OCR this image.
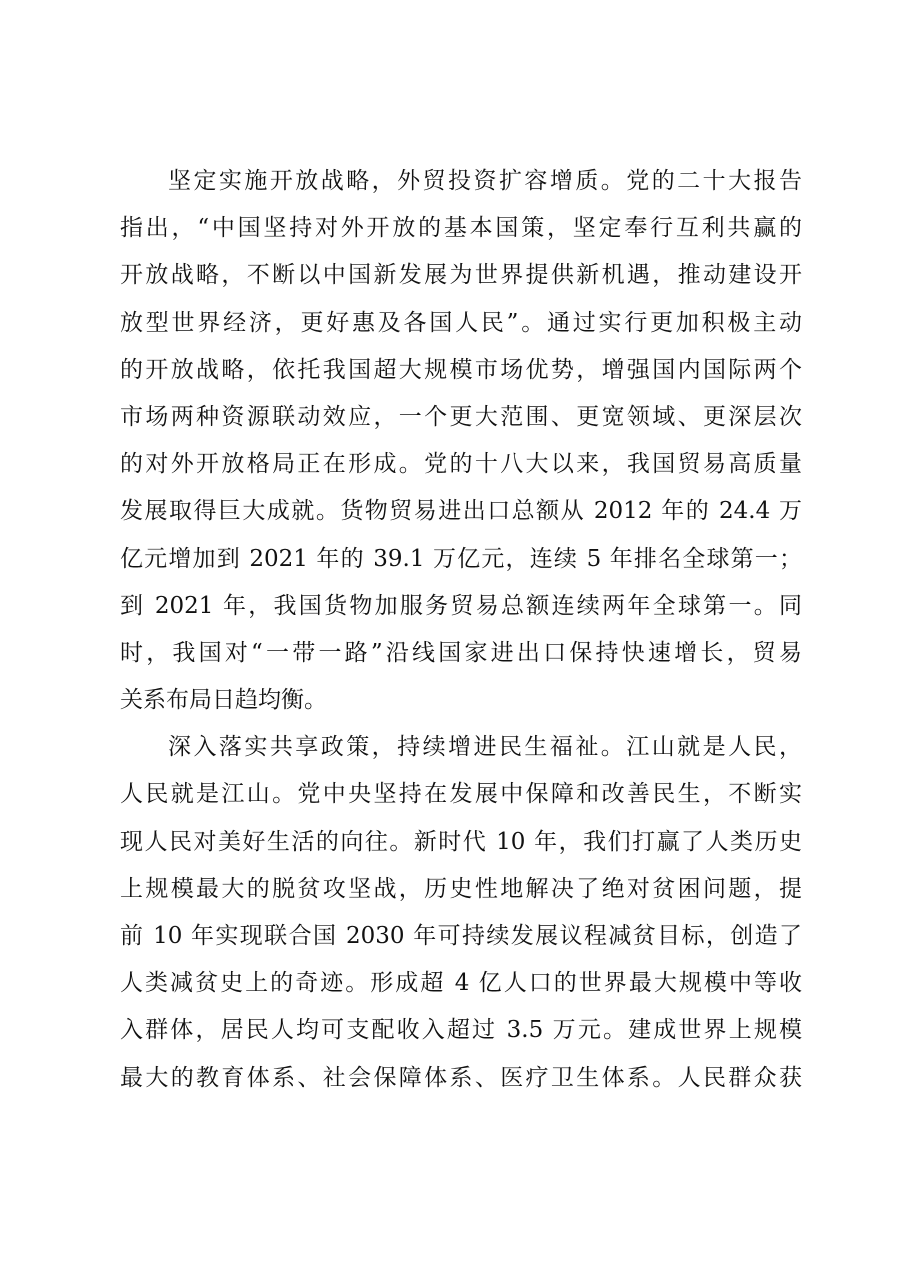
坚定实施开放战略，外贸投资扩容增质。党的二十大报告
指出，“中国坚持对外开放的基本国策，坚定奉行互利共赢的
开放战略，不断以中国新发展为世界提供新机遇，推动建设开
放型世界经济，更好惠及各国人民”。通过实行更加积极主动
的开放战略，依托我国超大规模市场优势，增强国内国际两个
市场两种资源联动效应，一个更大范围、更宽领域、更深层次
的对外开放格局正在形成。党的十八大以来，我国贸易高质量
发展取得巨大成就。货物贸易进出口总额从 2012 年的 24.4 万
亿元增加到 2021 年的 39.1 万亿元，连续 5 年排名全球第一；
到 2021 年，我国货物加服务贸易总额连续两年全球第一。同
时，我国对“一带一路”沿线国家进出口保持快速增长，贸易
关系布局日趋均衡。
深入落实共享政策，持续增进民生福祉。江山就是人民，
人民就是江山。党中央坚持在发展中保障和改善民生，不断实
现人民对美好生活的向往。新时代 10 年，我们打赢了人类历史
上规模最大的脱贫攻坚战，历史性地解决了绝对贫困问题，提
前 10 年实现联合国 2030 年可持续发展议程减贫目标，创造了
人类减贫史上的奇迹。形成超 4 亿人口的世界最大规模中等收
入群体，居民人均可支配收入超过 3.5 万元。建成世界上规模
最大的教育体系、社会保障体系、医疗卫生体系。人民群众获
